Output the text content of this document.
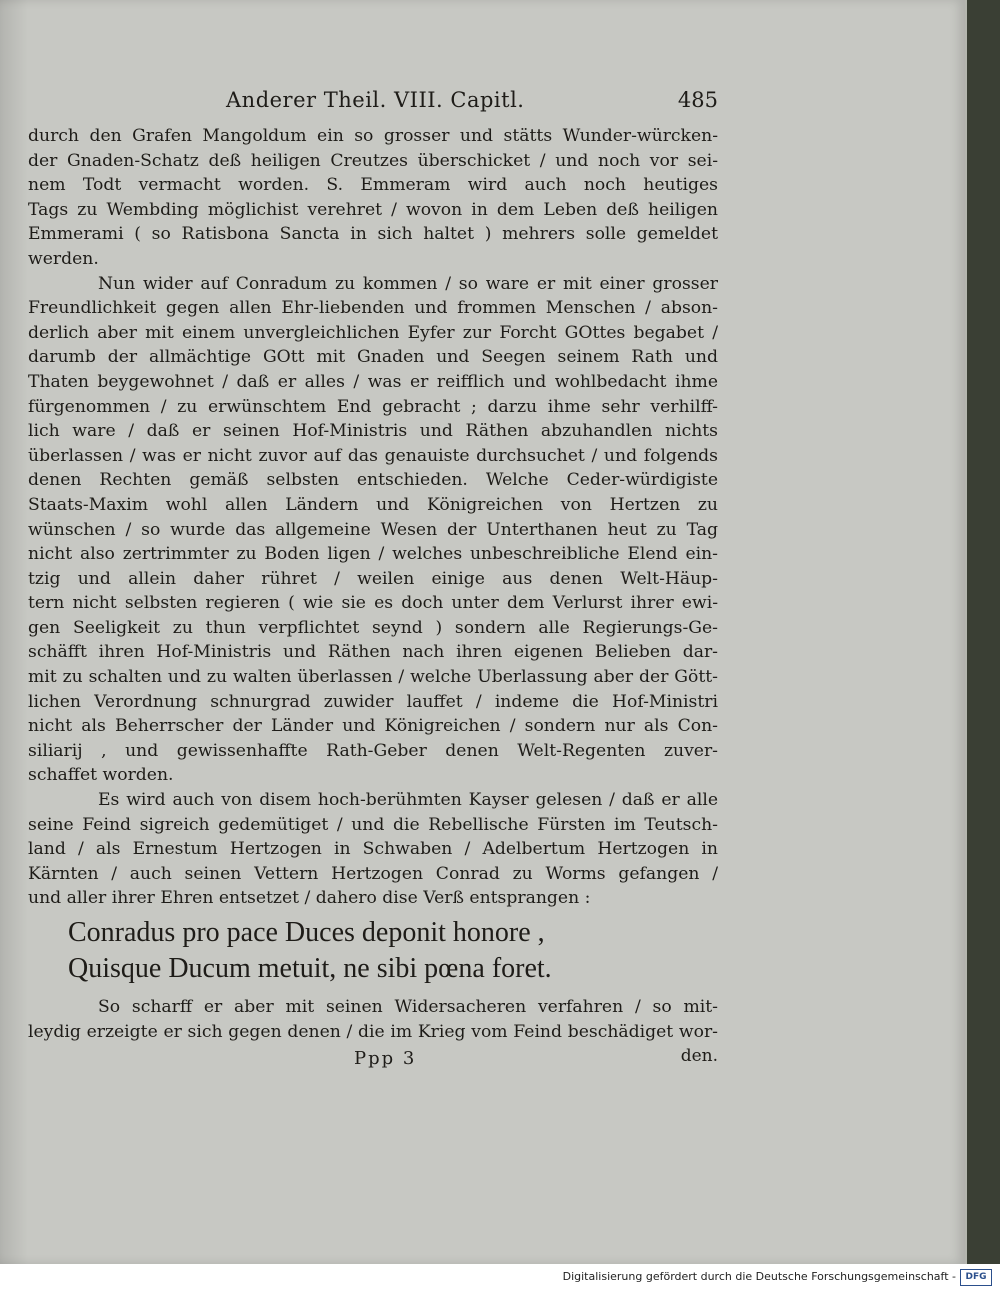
Anderer Theil. VIII. Capitl.	485
durch den Grafen Mangoldum ein so grosser und stätts Wunder-würcken-
der Gnaden-Schatz deß heiligen Creutzes überschicket / und noch vor sei-
nem Todt vermacht worden. S. Emmeram wird auch noch heutiges
Tags zu Wembding möglichist verehret / wovon in dem Leben deß heiligen
Emmerami ( so Ratisbona Sancta in sich haltet ) mehrers solle gemeldet
werden.
Nun wider auf Conradum zu kommen / so ware er mit einer grosser
Freundlichkeit gegen allen Ehr-liebenden und frommen Menschen / abson-
derlich aber mit einem unvergleichlichen Eyfer zur Forcht GOttes begabet /
darumb der allmächtige GOtt mit Gnaden und Seegen seinem Rath und
Thaten beygewohnet / daß er alles / was er reifflich und wohlbedacht ihme
fürgenommen / zu erwünschtem End gebracht ; darzu ihme sehr verhilff-
lich ware / daß er seinen Hof-Ministris und Räthen abzuhandlen nichts
überlassen / was er nicht zuvor auf das genauiste durchsuchet / und folgends
denen Rechten gemäß selbsten entschieden. Welche Ceder-würdigiste
Staats-Maxim wohl allen Ländern und Königreichen von Hertzen zu
wünschen / so wurde das allgemeine Wesen der Unterthanen heut zu Tag
nicht also zertrimmter zu Boden ligen / welches unbeschreibliche Elend ein-
tzig und allein daher rühret / weilen einige aus denen Welt-Häup-
tern nicht selbsten regieren ( wie sie es doch unter dem Verlurst ihrer ewi-
gen Seeligkeit zu thun verpflichtet seynd ) sondern alle Regierungs-Ge-
schäfft ihren Hof-Ministris und Räthen nach ihren eigenen Belieben dar-
mit zu schalten und zu walten überlassen / welche Uberlassung aber der Gött-
lichen Verordnung schnurgrad zuwider lauffet / indeme die Hof-Ministri
nicht als Beherrscher der Länder und Königreichen / sondern nur als Con-
siliarij , und gewissenhaffte Rath-Geber denen Welt-Regenten zuver-
schaffet worden.
Es wird auch von disem hoch-berühmten Kayser gelesen / daß er alle
seine Feind sigreich gedemütiget / und die Rebellische Fürsten im Teutsch-
land / als Ernestum Hertzogen in Schwaben / Adelbertum Hertzogen in
Kärnten / auch seinen Vettern Hertzogen Conrad zu Worms gefangen /
und aller ihrer Ehren entsetzet / dahero dise Verß entsprangen :
Conradus pro pace Duces deponit honore ,
Quisque Ducum metuit, ne sibi pœna foret.
So scharff er aber mit seinen Widersacheren verfahren / so mit-
leydig erzeigte er sich gegen denen / die im Krieg vom Feind beschädiget wor-
Ppp 3	den.
Digitalisierung gefördert durch die Deutsche Forschungsgemeinschaft -	DFG
